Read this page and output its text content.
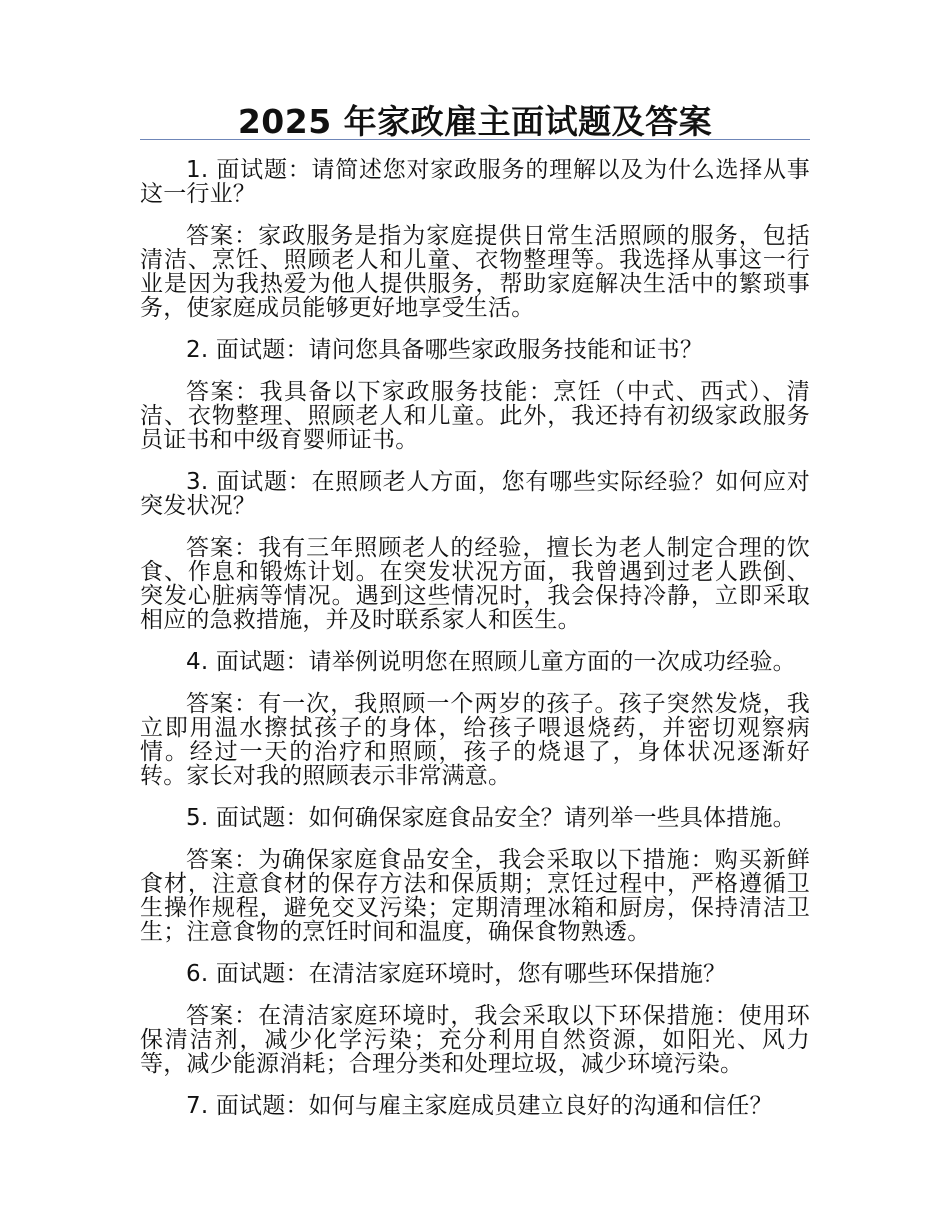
2025 年家政雇主面试题及答案

1. 面试题：请简述您对家政服务的理解以及为什么选择从事这一行业？

答案：家政服务是指为家庭提供日常生活照顾的服务，包括清洁、烹饪、照顾老人和儿童、衣物整理等。我选择从事这一行业是因为我热爱为他人提供服务，帮助家庭解决生活中的繁琐事务，使家庭成员能够更好地享受生活。

2. 面试题：请问您具备哪些家政服务技能和证书？

答案：我具备以下家政服务技能：烹饪（中式、西式）、清洁、衣物整理、照顾老人和儿童。此外，我还持有初级家政服务员证书和中级育婴师证书。

3. 面试题：在照顾老人方面，您有哪些实际经验？如何应对突发状况？

答案：我有三年照顾老人的经验，擅长为老人制定合理的饮食、作息和锻炼计划。在突发状况方面，我曾遇到过老人跌倒、突发心脏病等情况。遇到这些情况时，我会保持冷静，立即采取相应的急救措施，并及时联系家人和医生。

4. 面试题：请举例说明您在照顾儿童方面的一次成功经验。

答案：有一次，我照顾一个两岁的孩子。孩子突然发烧，我立即用温水擦拭孩子的身体，给孩子喂退烧药，并密切观察病情。经过一天的治疗和照顾，孩子的烧退了，身体状况逐渐好转。家长对我的照顾表示非常满意。

5. 面试题：如何确保家庭食品安全？请列举一些具体措施。

答案：为确保家庭食品安全，我会采取以下措施：购买新鲜食材，注意食材的保存方法和保质期；烹饪过程中，严格遵循卫生操作规程，避免交叉污染；定期清理冰箱和厨房，保持清洁卫生；注意食物的烹饪时间和温度，确保食物熟透。

6. 面试题：在清洁家庭环境时，您有哪些环保措施？

答案：在清洁家庭环境时，我会采取以下环保措施：使用环保清洁剂，减少化学污染；充分利用自然资源，如阳光、风力等，减少能源消耗；合理分类和处理垃圾，减少环境污染。

7. 面试题：如何与雇主家庭成员建立良好的沟通和信任？
